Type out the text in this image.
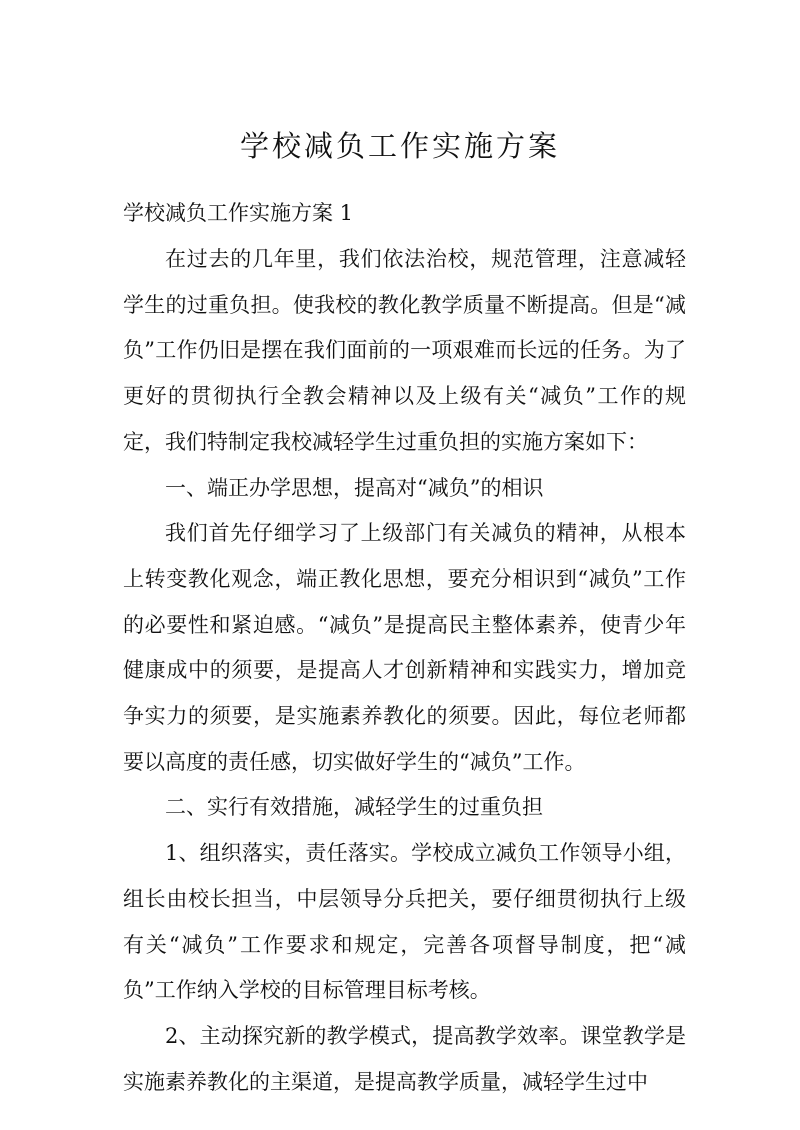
学校减负工作实施方案
学校减负工作实施方案 1

在过去的几年里，我们依法治校，规范管理，注意减轻学生的过重负担。使我校的教化教学质量不断提高。但是“减负”工作仍旧是摆在我们面前的一项艰难而长远的任务。为了更好的贯彻执行全教会精神以及上级有关“减负”工作的规定，我们特制定我校减轻学生过重负担的实施方案如下：

一、端正办学思想，提高对“减负”的相识

我们首先仔细学习了上级部门有关减负的精神，从根本上转变教化观念，端正教化思想，要充分相识到“减负”工作的必要性和紧迫感。“减负”是提高民主整体素养，使青少年健康成中的须要，是提高人才创新精神和实践实力，增加竞争实力的须要，是实施素养教化的须要。因此，每位老师都要以高度的责任感，切实做好学生的“减负”工作。

二、实行有效措施，减轻学生的过重负担

1、组织落实，责任落实。学校成立减负工作领导小组，组长由校长担当，中层领导分兵把关，要仔细贯彻执行上级有关“减负”工作要求和规定，完善各项督导制度，把“减负”工作纳入学校的目标管理目标考核。

2、主动探究新的教学模式，提高教学效率。课堂教学是实施素养教化的主渠道，是提高教学质量，减轻学生过中
